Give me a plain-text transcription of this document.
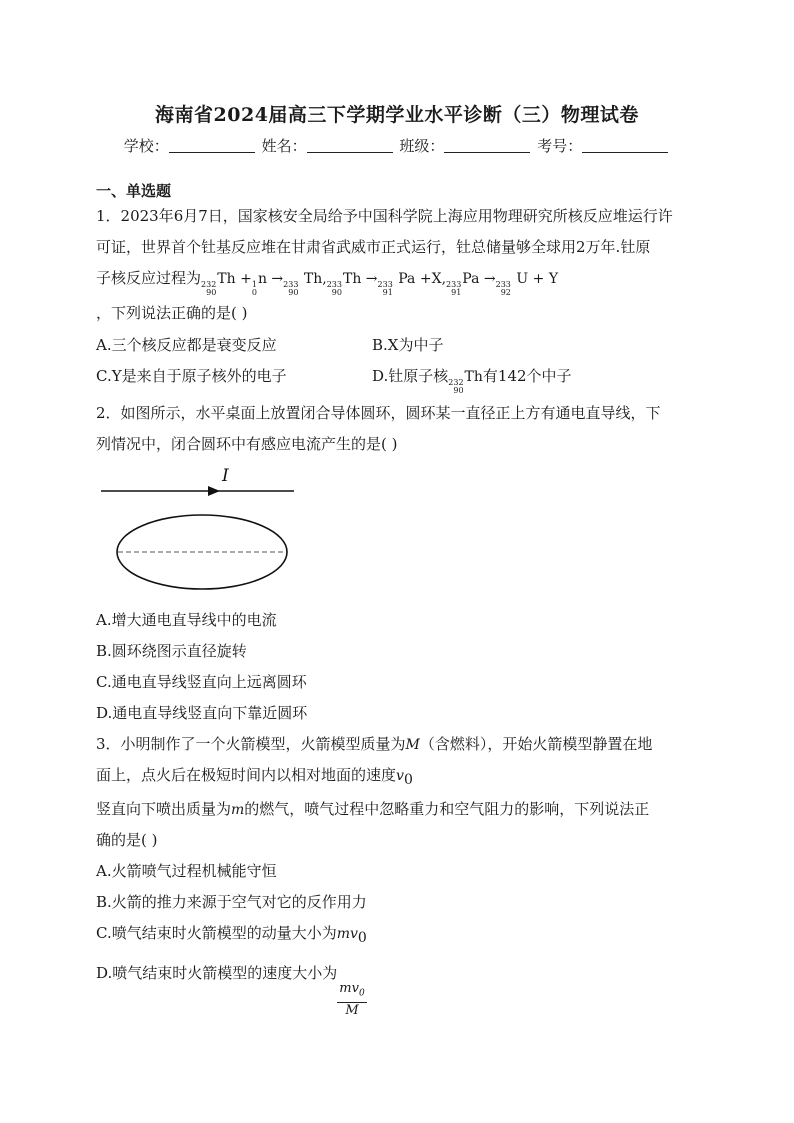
海南省2024届高三下学期学业水平诊断（三）物理试卷
学校：	姓名：	班级：	考号：
一、单选题
1．2023年6月7日，国家核安全局给予中国科学院上海应用物理研究所核反应堆运行许
可证，世界首个钍基反应堆在甘肃省武威市正式运行，钍总储量够全球用2万年.钍原
子核反应过程为 232
90
Th + 1
0
n → 233
90
Th, 233
90
Th → 233
91
Pa +X, 233
91
Pa → 233
92
U + Y
，下列说法正确的是( )
A.三个核反应都是衰变反应	B.X为中子
C.Y是来自于原子核外的电子	D.钍原子核 232
90
Th有142个中子
2．如图所示，水平桌面上放置闭合导体圆环，圆环某一直径正上方有通电直导线，下
列情况中，闭合圆环中有感应电流产生的是( )
I
A.增大通电直导线中的电流
B.圆环绕图示直径旋转
C.通电直导线竖直向上远离圆环
D.通电直导线竖直向下靠近圆环
3．小明制作了一个火箭模型，火箭模型质量为M（含燃料），开始火箭模型静置在地
面上，点火后在极短时间内以相对地面的速度$v_0$
竖直向下喷出质量为m的燃气，喷气过程中忽略重力和空气阻力的影响，下列说法正
确的是( )
A.火箭喷气过程机械能守恒
B.火箭的推力来源于空气对它的反作用力
C.喷气结束时火箭模型的动量大小为$mv_0$
D.喷气结束时火箭模型的速度大小为
$\frac{mv_0}{M}$
